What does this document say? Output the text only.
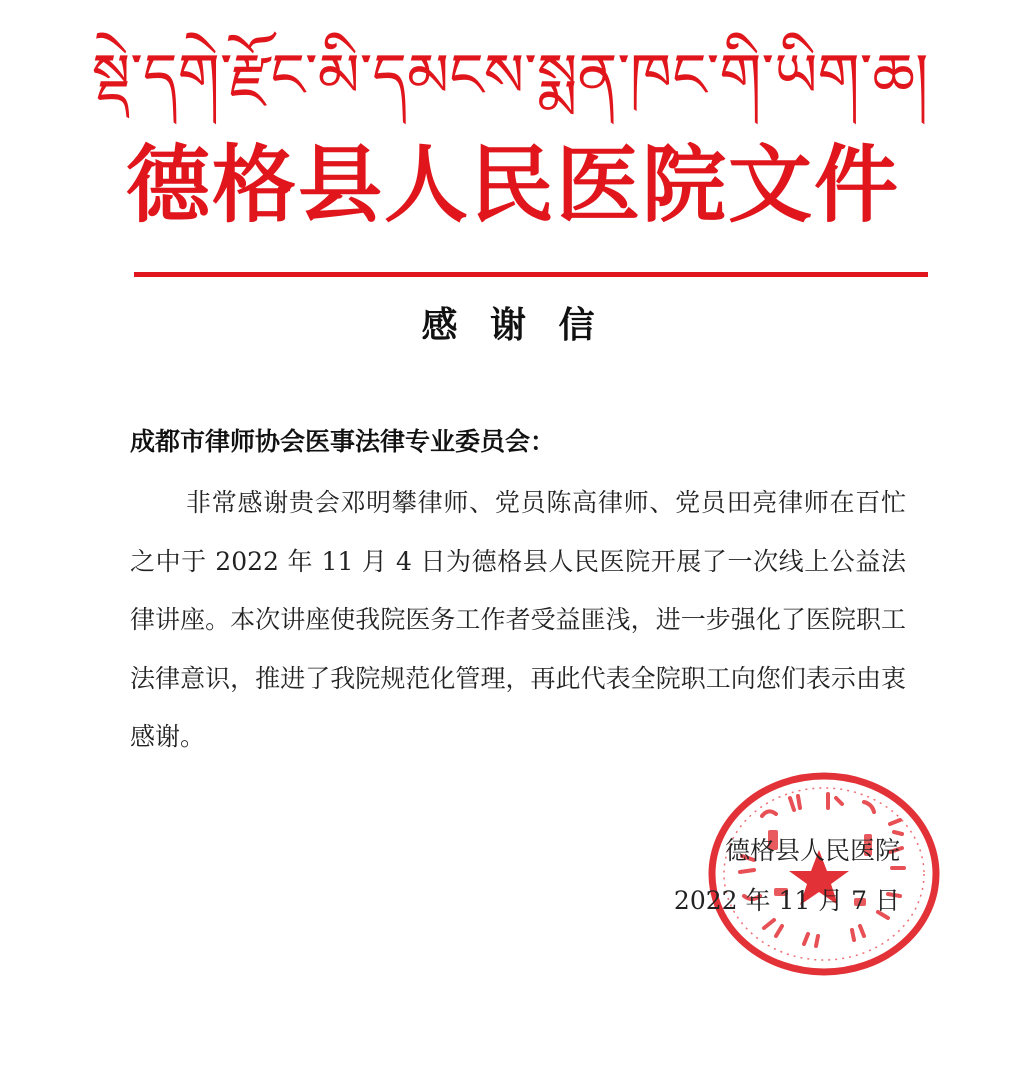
སྡེ་དགེ་རྫོང་མི་དམངས་སྨན་ཁང་གི་ཡིག་ཆ།
德格县人民医院文件
感 谢 信
成都市律师协会医事法律专业委员会：

非常感谢贵会邓明攀律师、党员陈高律师、党员田亮律师在百忙之中于 2022 年 11 月 4 日为德格县人民医院开展了一次线上公益法律讲座。本次讲座使我院医务工作者受益匪浅，进一步强化了医院职工法律意识，推进了我院规范化管理，再此代表全院职工向您们表示由衷感谢。

德格县人民医院
2022 年 11 月 7 日
